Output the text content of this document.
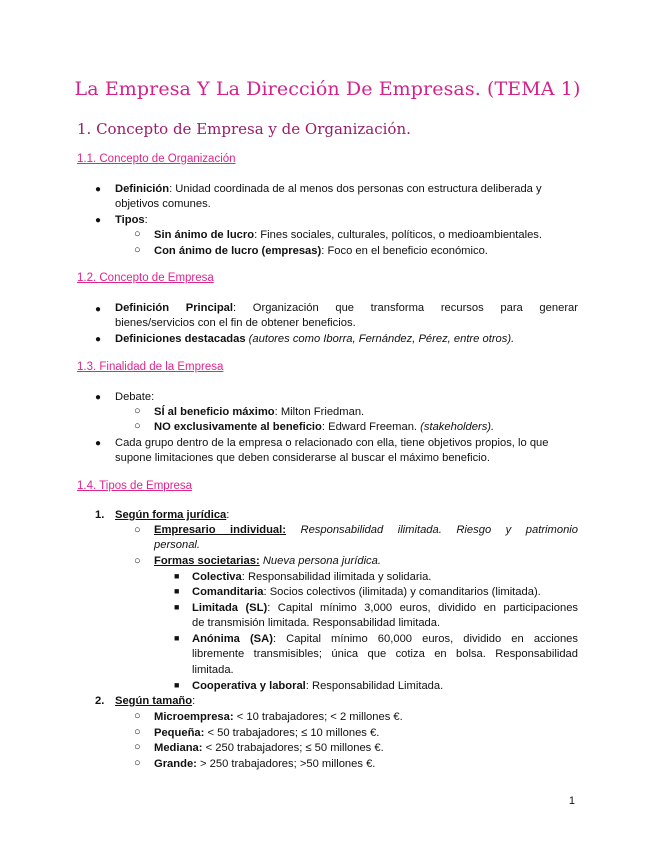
La Empresa Y La Dirección De Empresas. (TEMA 1)
1. Concepto de Empresa y de Organización.
1.1. Concepto de Organización
● Definición: Unidad coordinada de al menos dos personas con estructura deliberada y
objetivos comunes.
● Tipos:
○ Sin ánimo de lucro: Fines sociales, culturales, políticos, o medioambientales.
○ Con ánimo de lucro (empresas): Foco en el beneficio económico.
1.2. Concepto de Empresa
● Definición Principal: Organización que transforma recursos para generar
bienes/servicios con el fin de obtener beneficios.
● Definiciones destacadas (autores como Iborra, Fernández, Pérez, entre otros).
1.3. Finalidad de la Empresa
● Debate:
○ SÍ al beneficio máximo: Milton Friedman.
○ NO exclusivamente al beneficio: Edward Freeman. (stakeholders).
● Cada grupo dentro de la empresa o relacionado con ella, tiene objetivos propios, lo que
supone limitaciones que deben considerarse al buscar el máximo beneficio.
1.4. Tipos de Empresa
1. Según forma jurídica:
○ Empresario individual: Responsabilidad ilimitada. Riesgo y patrimonio
personal.
○ Formas societarias: Nueva persona jurídica.
■ Colectiva: Responsabilidad ilimitada y solidaria.
■ Comanditaria: Socios colectivos (ilimitada) y comanditarios (limitada).
■ Limitada (SL): Capital mínimo 3,000 euros, dividido en participaciones
de transmisión limitada. Responsabilidad limitada.
■ Anónima (SA): Capital mínimo 60,000 euros, dividido en acciones
libremente transmisibles; única que cotiza en bolsa. Responsabilidad
limitada.
■ Cooperativa y laboral: Responsabilidad Limitada.
2. Según tamaño:
○ Microempresa: < 10 trabajadores; < 2 millones €.
○ Pequeña: < 50 trabajadores; ≤ 10 millones €.
○ Mediana: < 250 trabajadores; ≤ 50 millones €.
○ Grande: > 250 trabajadores; >50 millones €.
1
